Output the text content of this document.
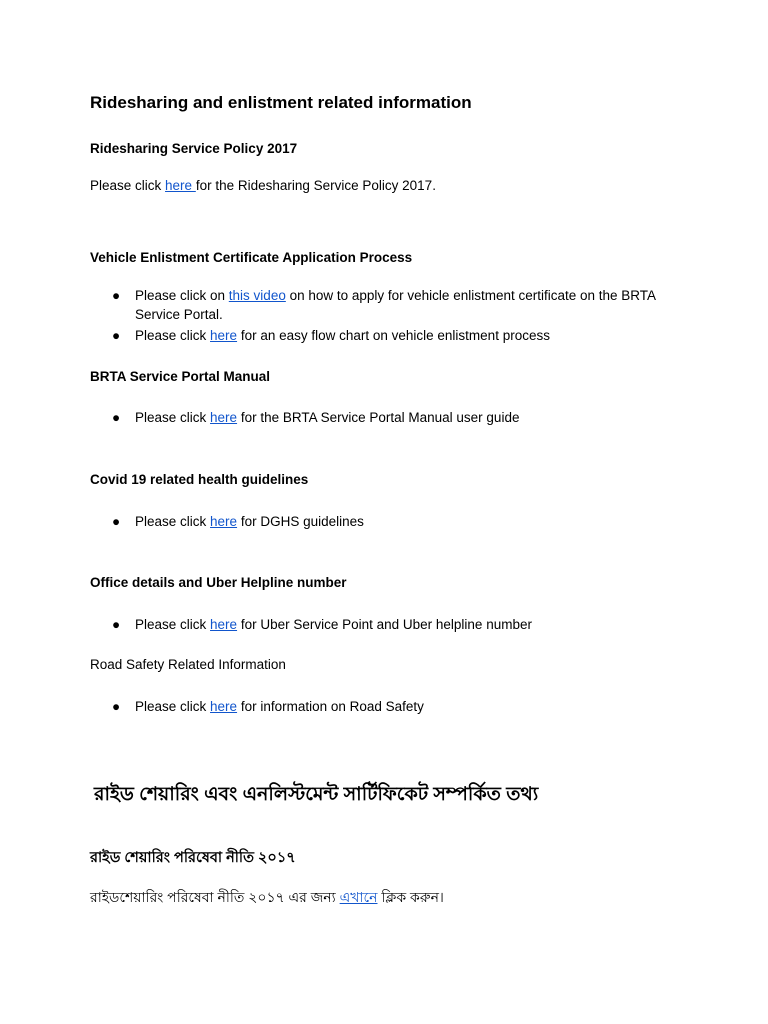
Ridesharing and enlistment related information
Ridesharing Service Policy 2017
Please click here for the Ridesharing Service Policy 2017.
Vehicle Enlistment Certificate Application Process
● Please click on this video on how to apply for vehicle enlistment certificate on the BRTA
Service Portal.
● Please click here for an easy flow chart on vehicle enlistment process
BRTA Service Portal Manual
● Please click here for the BRTA Service Portal Manual user guide
Covid 19 related health guidelines
● Please click here for DGHS guidelines
Office details and Uber Helpline number
● Please click here for Uber Service Point and Uber helpline number
Road Safety Related Information
● Please click here for information on Road Safety
রাইড শেয়ারিং এবং এনলিস্টমেন্ট সার্টিফিকেট সম্পর্কিত তথ্য
রাইড শেয়ারিং পরিষেবা নীতি ২০১৭
রাইডশেয়ারিং পরিষেবা নীতি ২০১৭ এর জন্য এখানে ক্লিক করুন।
